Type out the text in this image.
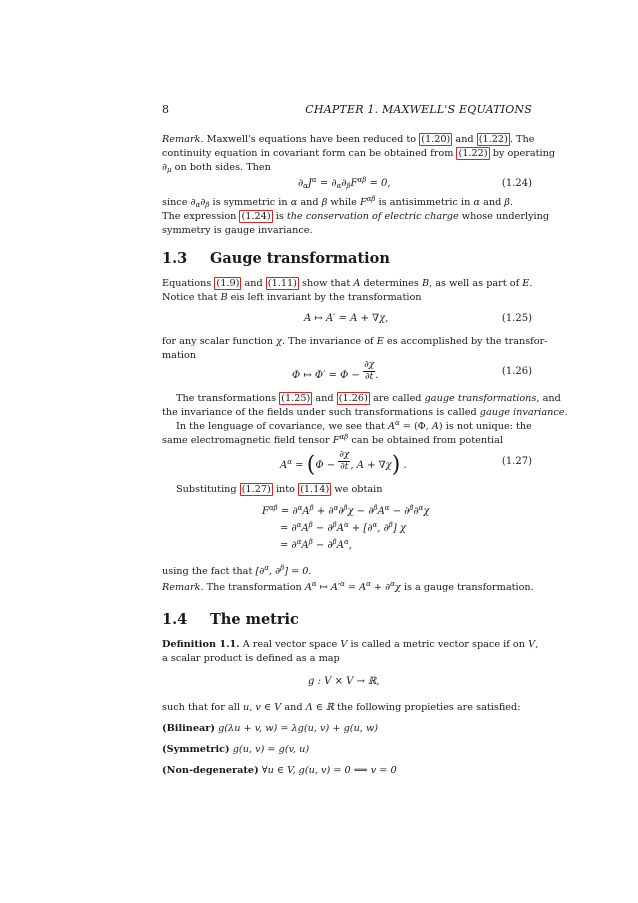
8	CHAPTER 1. MAXWELL'S EQUATIONS
Remark. Maxwell's equations have been reduced to (1.20) and (1.22) . The
continuity equation in covariant form can be obtained from (1.22) by operating
$\partial_\mu$ on both sides. Then
$\partial_\alpha J^\alpha = \partial_\alpha\partial_\beta F^{\alpha\beta} = 0$,	(1.24)
since $\partial_\alpha\partial_\beta$ is symmetric in α and β while $F^{\alpha\beta}$ is antisimmetric in α and β.
The expression (1.24) is the conservation of electric charge whose underlying
symmetry is gauge invariance.
1.3 Gauge transformation
Equations (1.9) and (1.11) show that A determines B, as well as part of E.
Notice that B eis left invariant by the transformation
A ↦ A′ = A + ∇χ,	(1.25)
for any scalar function χ. The invariance of E es accomplished by the transfor-
mation
Φ ↦ $\Phi' = \Phi - \frac{\partial\chi}{\partial t}$ .	(1.26)
The transformations (1.25) and (1.26) are called gauge transformations, and
the invariance of the fields under such transformations is called gauge invariance.
In the lenguage of covariance, we see that $A^\alpha = (\Phi$, A) is not unique: the
same electromagnetic field tensor $F^{\alpha\beta}$ can be obtained from potential
$A^\alpha = (\Phi - \frac{\partial\chi}{\partial t}$ , A + ∇χ) .	(1.27)
Substituting (1.27) into (1.14) we obtain
$F^{\alpha\beta} = \partial^\alpha A^\beta + \partial^\alpha\partial^\beta\chi - \partial^\beta A^\alpha - \partial^\beta\partial^\alpha\chi$
= $\partial^\alpha A^\beta - \partial^\beta A^\alpha + [\partial^\alpha$, ∂$^\beta$] χ
= $\partial^\alpha A^\beta - \partial^\beta A^\alpha$,
using the fact that [∂$^\alpha$, ∂$^\beta$] = 0.
Remark. The transformation $A^\alpha$ ↦ $A'^\alpha = A^\alpha + \partial^\alpha\chi$ is a gauge transformation.
1.4 The metric
Definition 1.1. A real vector space V is called a metric vector space if on V,
a scalar product is defined as a map
g : V × V → ℝ,
such that for all u, v ∈ V and Λ ∈ ℝ the following propieties are satisfied:
(Bilinear) g(λu + v, w) = λg(u, v) + g(u, w)
(Symmetric) g(u, v) = g(v, u)
(Non-degenerate) ∀u ∈ V, g(u, v) = 0 ⟺ v = 0
